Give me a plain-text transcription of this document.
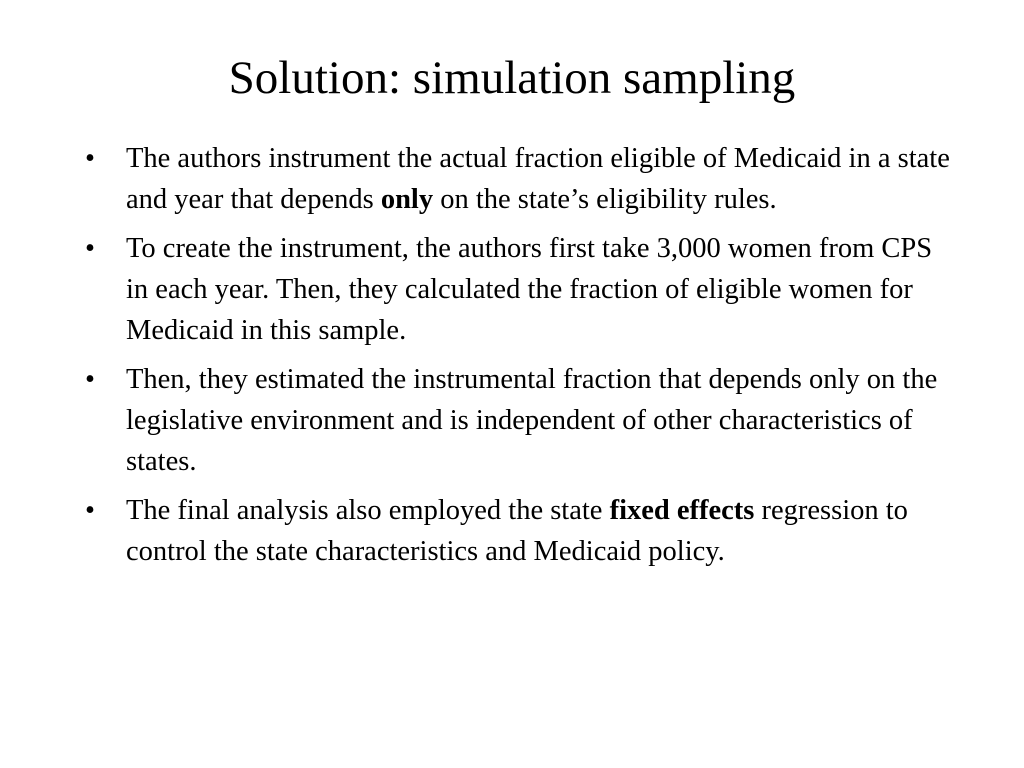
Solution: simulation sampling
•	The authors instrument the actual fraction eligible of Medicaid in a state and year that depends only on the state’s eligibility rules.
•	To create the instrument, the authors first take 3,000 women from CPS in each year. Then, they calculated the fraction of eligible women for Medicaid in this sample.
•	Then, they estimated the instrumental fraction that depends only on the legislative environment and is independent of other characteristics of states.
•	The final analysis also employed the state fixed effects regression to control the state characteristics and Medicaid policy.
